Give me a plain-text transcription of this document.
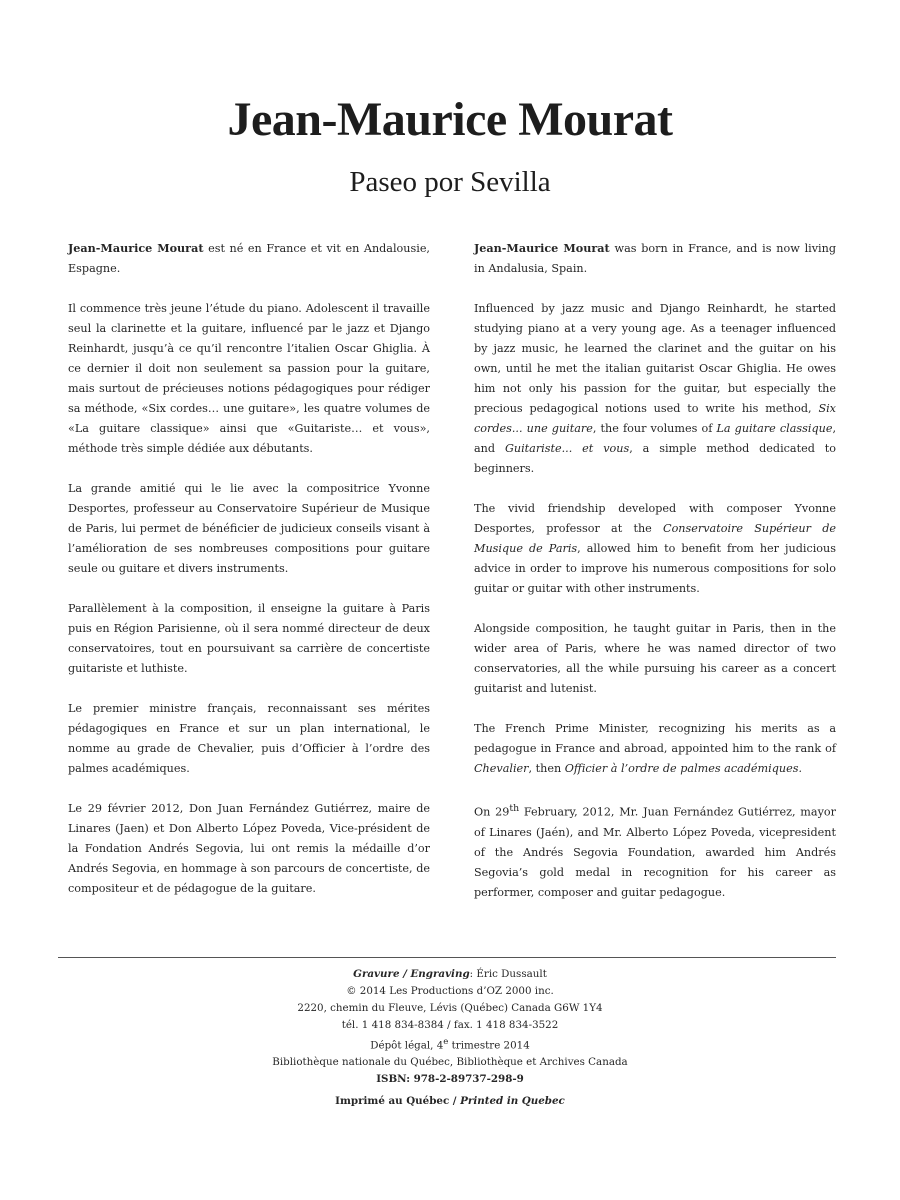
Jean-Maurice Mourat
Paseo por Sevilla

Jean-Maurice Mourat est né en France et vit en Andalousie, Espagne.

Il commence très jeune l’étude du piano. Adolescent il travaille seul la clarinette et la guitare, influencé par le jazz et Django Reinhardt, jusqu’à ce qu’il rencontre l’italien Oscar Ghiglia. À ce dernier il doit non seulement sa passion pour la guitare, mais surtout de précieuses notions pédagogiques pour rédiger sa méthode, «Six cordes… une guitare», les quatre volumes de «La guitare classique» ainsi que «Guitariste… et vous», méthode très simple dédiée aux débutants.

La grande amitié qui le lie avec la compositrice Yvonne Desportes, professeur au Conservatoire Supérieur de Musique de Paris, lui permet de bénéficier de judicieux conseils visant à l’amélioration de ses nombreuses compositions pour guitare seule ou guitare et divers instruments.

Parallèlement à la composition, il enseigne la guitare à Paris puis en Région Parisienne, où il sera nommé directeur de deux conservatoires, tout en poursuivant sa carrière de concertiste guitariste et luthiste.

Le premier ministre français, reconnaissant ses mérites pédagogiques en France et sur un plan international, le nomme au grade de Chevalier, puis d’Officier à l’ordre des palmes académiques.

Le 29 février 2012, Don Juan Fernández Gutiérrez, maire de Linares (Jaen) et Don Alberto López Poveda, Vice-président de la Fondation Andrés Segovia, lui ont remis la médaille d’or Andrés Segovia, en hommage à son parcours de concertiste, de compositeur et de pédagogue de la guitare.

Jean-Maurice Mourat was born in France, and is now living in Andalusia, Spain.

Influenced by jazz music and Django Reinhardt, he started studying piano at a very young age. As a teenager influenced by jazz music, he learned the clarinet and the guitar on his own, until he met the italian guitarist Oscar Ghiglia. He owes him not only his passion for the guitar, but especially the precious pedagogical notions used to write his method, Six cordes... une guitare, the four volumes of La guitare classique, and Guitariste... et vous, a simple method dedicated to beginners.

The vivid friendship developed with composer Yvonne Desportes, professor at the Conservatoire Supérieur de Musique de Paris, allowed him to benefit from her judicious advice in order to improve his numerous compositions for solo guitar or guitar with other instruments.

Alongside composition, he taught guitar in Paris, then in the wider area of Paris, where he was named director of two conservatories, all the while pursuing his career as a concert guitarist and lutenist.

The French Prime Minister, recognizing his merits as a pedagogue in France and abroad, appointed him to the rank of Chevalier, then Officier à l’ordre de palmes académiques.

On 29th February, 2012, Mr. Juan Fernández Gutiérrez, mayor of Linares (Jaén), and Mr. Alberto López Poveda, vicepresident of the Andrés Segovia Foundation, awarded him Andrés Segovia’s gold medal in recognition for his career as performer, composer and guitar pedagogue.

Gravure / Engraving: Éric Dussault
© 2014 Les Productions d’OZ 2000 inc.
2220, chemin du Fleuve, Lévis (Québec) Canada G6W 1Y4
tél. 1 418 834-8384 / fax. 1 418 834-3522
Dépôt légal, 4e trimestre 2014
Bibliothèque nationale du Québec, Bibliothèque et Archives Canada
ISBN: 978-2-89737-298-9
Imprimé au Québec / Printed in Quebec
